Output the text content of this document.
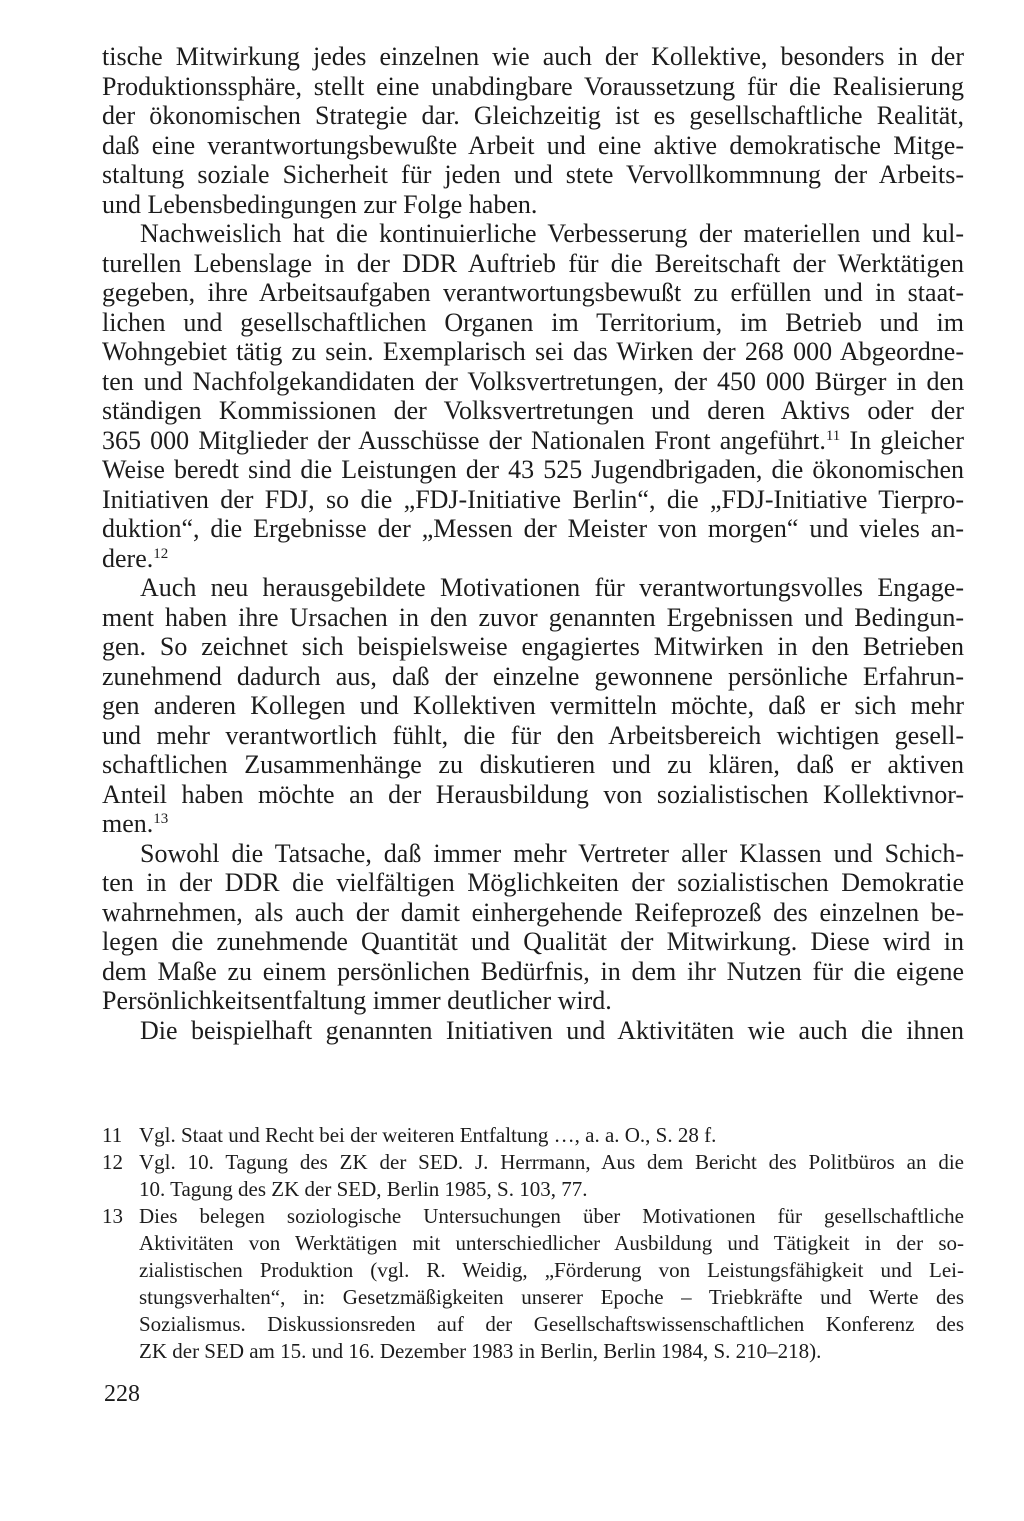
tische Mitwirkung jedes einzelnen wie auch der Kollektive, besonders in der
Produktionssphäre, stellt eine unabdingbare Voraussetzung für die Realisierung
der ökonomischen Strategie dar. Gleichzeitig ist es gesellschaftliche Realität,
daß eine verantwortungsbewußte Arbeit und eine aktive demokratische Mitge-
staltung soziale Sicherheit für jeden und stete Vervollkommnung der Arbeits-
und Lebensbedingungen zur Folge haben.
Nachweislich hat die kontinuierliche Verbesserung der materiellen und kul-
turellen Lebenslage in der DDR Auftrieb für die Bereitschaft der Werktätigen
gegeben, ihre Arbeitsaufgaben verantwortungsbewußt zu erfüllen und in staat-
lichen und gesellschaftlichen Organen im Territorium, im Betrieb und im
Wohngebiet tätig zu sein. Exemplarisch sei das Wirken der 268 000 Abgeordne-
ten und Nachfolgekandidaten der Volksvertretungen, der 450 000 Bürger in den
ständigen Kommissionen der Volksvertretungen und deren Aktivs oder der
365 000 Mitglieder der Ausschüsse der Nationalen Front angeführt.$^{11}$ In gleicher
Weise beredt sind die Leistungen der 43 525 Jugendbrigaden, die ökonomischen
Initiativen der FDJ, so die „FDJ-Initiative Berlin“, die „FDJ-Initiative Tierpro-
duktion“, die Ergebnisse der „Messen der Meister von morgen“ und vieles an-
dere.$^{12}$
Auch neu herausgebildete Motivationen für verantwortungsvolles Engage-
ment haben ihre Ursachen in den zuvor genannten Ergebnissen und Bedingun-
gen. So zeichnet sich beispielsweise engagiertes Mitwirken in den Betrieben
zunehmend dadurch aus, daß der einzelne gewonnene persönliche Erfahrun-
gen anderen Kollegen und Kollektiven vermitteln möchte, daß er sich mehr
und mehr verantwortlich fühlt, die für den Arbeitsbereich wichtigen gesell-
schaftlichen Zusammenhänge zu diskutieren und zu klären, daß er aktiven
Anteil haben möchte an der Herausbildung von sozialistischen Kollektivnor-
men.$^{13}$
Sowohl die Tatsache, daß immer mehr Vertreter aller Klassen und Schich-
ten in der DDR die vielfältigen Möglichkeiten der sozialistischen Demokratie
wahrnehmen, als auch der damit einhergehende Reifeprozeß des einzelnen be-
legen die zunehmende Quantität und Qualität der Mitwirkung. Diese wird in
dem Maße zu einem persönlichen Bedürfnis, in dem ihr Nutzen für die eigene
Persönlichkeitsentfaltung immer deutlicher wird.
Die beispielhaft genannten Initiativen und Aktivitäten wie auch die ihnen
11 Vgl. Staat und Recht bei der weiteren Entfaltung …, a. a. O., S. 28 f.
12 Vgl. 10. Tagung des ZK der SED. J. Herrmann, Aus dem Bericht des Politbüros an die
10. Tagung des ZK der SED, Berlin 1985, S. 103, 77.
13 Dies belegen soziologische Untersuchungen über Motivationen für gesellschaftliche
Aktivitäten von Werktätigen mit unterschiedlicher Ausbildung und Tätigkeit in der so-
zialistischen Produktion (vgl. R. Weidig, „Förderung von Leistungsfähigkeit und Lei-
stungsverhalten“, in: Gesetzmäßigkeiten unserer Epoche – Triebkräfte und Werte des
Sozialismus. Diskussionsreden auf der Gesellschaftswissenschaftlichen Konferenz des
ZK der SED am 15. und 16. Dezember 1983 in Berlin, Berlin 1984, S. 210–218).
228
